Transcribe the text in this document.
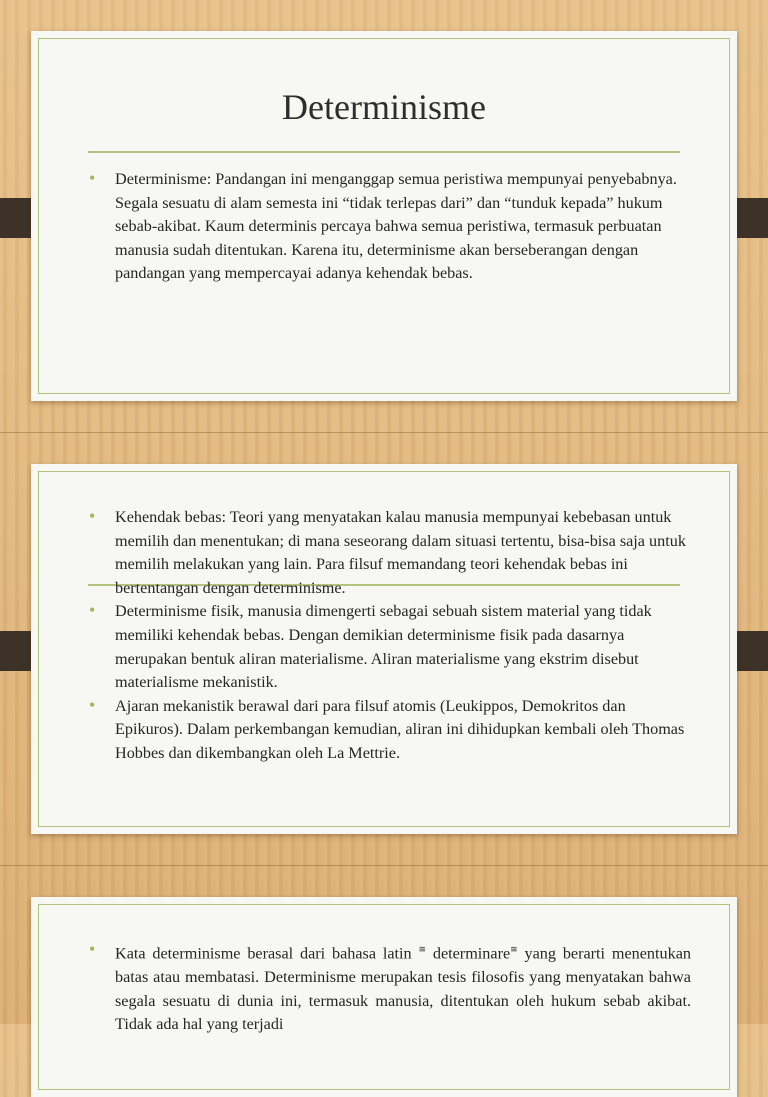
Determinisme
• Determinisme: Pandangan ini menganggap semua peristiwa mempunyai penyebabnya. Segala sesuatu di alam semesta ini “tidak terlepas dari” dan “tunduk kepada” hukum sebab-akibat. Kaum determinis percaya bahwa semua peristiwa, termasuk perbuatan manusia sudah ditentukan. Karena itu, determinisme akan berseberangan dengan pandangan yang mempercayai adanya kehendak bebas.
• Kehendak bebas: Teori yang menyatakan kalau manusia mempunyai kebebasan untuk memilih dan menentukan; di mana seseorang dalam situasi tertentu, bisa-bisa saja untuk memilih melakukan yang lain. Para filsuf memandang teori kehendak bebas ini bertentangan dengan determinisme.
• Determinisme fisik, manusia dimengerti sebagai sebuah sistem material yang tidak memiliki kehendak bebas. Dengan demikian determinisme fisik pada dasarnya merupakan bentuk aliran materialisme. Aliran materialisme yang ekstrim disebut materialisme mekanistik.
• Ajaran mekanistik berawal dari para filsuf atomis (Leukippos, Demokritos dan Epikuros). Dalam perkembangan kemudian, aliran ini dihidupkan kembali oleh Thomas Hobbes dan dikembangkan oleh La Mettrie.
• Kata determinisme berasal dari bahasa latin ≅ determinare≅ yang berarti menentukan batas atau membatasi. Determinisme merupakan tesis filosofis yang menyatakan bahwa segala sesuatu di dunia ini, termasuk manusia, ditentukan oleh hukum sebab akibat. Tidak ada hal yang terjadi
